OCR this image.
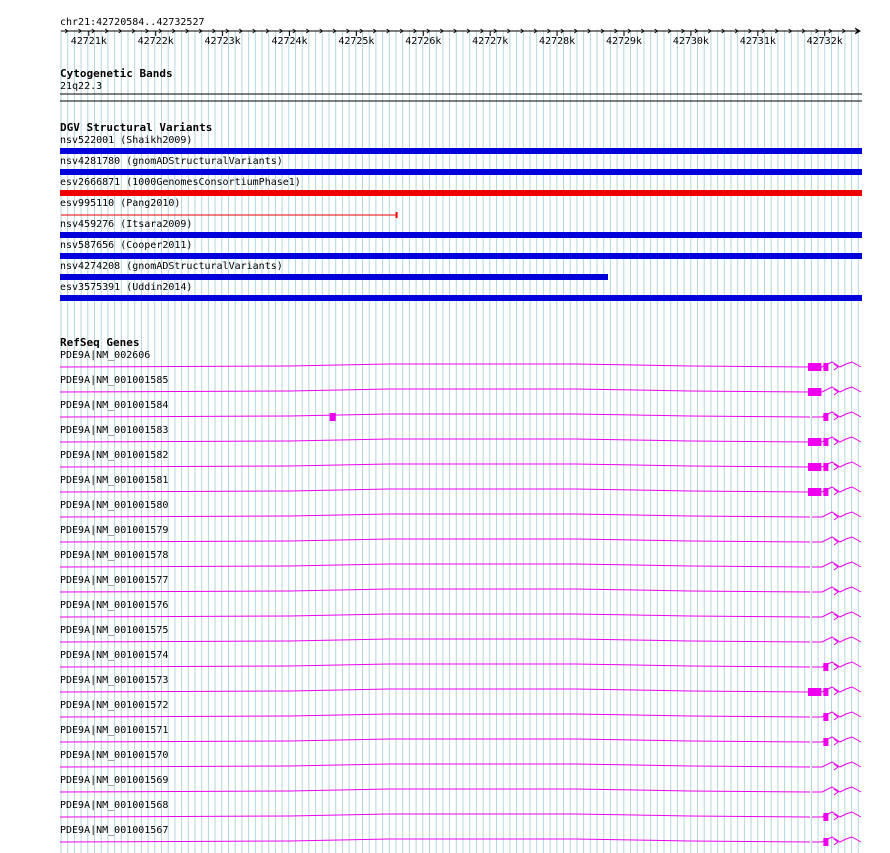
chr21:42720584..42732527
42721k	42722k	42723k	42724k	42725k	42726k	42727k	42728k	42729k	42730k	42731k	42732k
Cytogenetic Bands
21q22.3
DGV Structural Variants
nsv522001 (Shaikh2009)
nsv4281780 (gnomADStructuralVariants)
esv2666871 (1000GenomesConsortiumPhase1)
esv995110 (Pang2010)
nsv459276 (Itsara2009)
nsv587656 (Cooper2011)
nsv4274208 (gnomADStructuralVariants)
esv3575391 (Uddin2014)
RefSeq Genes
PDE9A|NM_002606
PDE9A|NM_001001585
PDE9A|NM_001001584
PDE9A|NM_001001583
PDE9A|NM_001001582
PDE9A|NM_001001581
PDE9A|NM_001001580
PDE9A|NM_001001579
PDE9A|NM_001001578
PDE9A|NM_001001577
PDE9A|NM_001001576
PDE9A|NM_001001575
PDE9A|NM_001001574
PDE9A|NM_001001573
PDE9A|NM_001001572
PDE9A|NM_001001571
PDE9A|NM_001001570
PDE9A|NM_001001569
PDE9A|NM_001001568
PDE9A|NM_001001567
